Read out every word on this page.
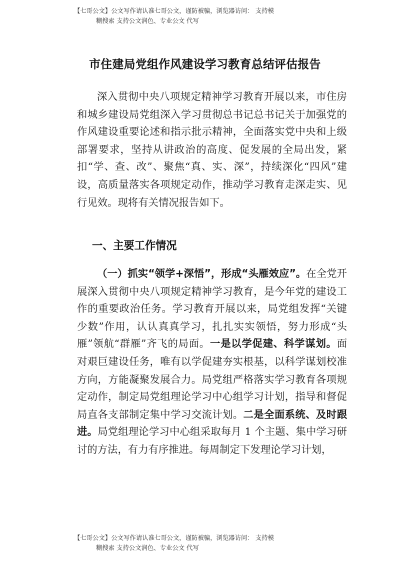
【七哥公文】公文写作请认准七哥公文，谨防被骗，浏览器访问： 支持模
糊搜索 支持公文润色、专业公文 代写
市住建局党组作风建设学习教育总结评估报告
深入贯彻中央八项规定精神学习教育开展以来，市住房和城乡建设局党组深入学习贯彻总书记总书记关于加强党的作风建设重要论述和指示批示精神，全面落实党中央和上级部署要求，坚持从讲政治的高度、促发展的全局出发，紧扣“学、查、改”、聚焦“真、实、深”，持续深化“四风”建设，高质量落实各项规定动作，推动学习教育走深走实、见行见效。现将有关情况报告如下。
一、主要工作情况
（一）抓实“领学+深悟”，形成“头雁效应”。在全党开展深入贯彻中央八项规定精神学习教育，是今年党的建设工作的重要政治任务。学习教育开展以来，局党组发挥“关键少数”作用，认认真真学习，扎扎实实领悟，努力形成“头雁”领航“群雁”齐飞的局面。一是以学促建、科学谋划。面对艰巨建设任务，唯有以学促建夯实根基，以科学谋划校准方向，方能凝聚发展合力。局党组严格落实学习教育各项规定动作，制定局党组理论学习中心组学习计划，指导和督促局直各支部制定集中学习交流计划。二是全面系统、及时跟进。局党组理论学习中心组采取每月 1 个主题、集中学习研讨的方法，有力有序推进。每周制定下发理论学习计划，
【七哥公文】公文写作请认准七哥公文，谨防被骗，浏览器访问： 支持模
糊搜索 支持公文润色、专业公文 代写
